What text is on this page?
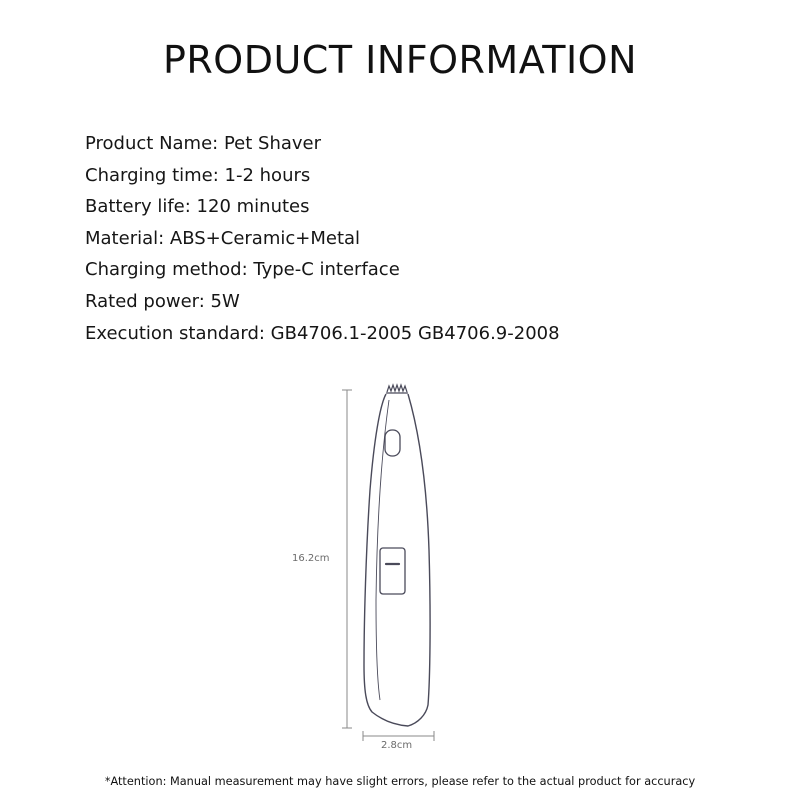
PRODUCT INFORMATION
Product Name: Pet Shaver
Charging time: 1-2 hours
Battery life: 120 minutes
Material: ABS+Ceramic+Metal
Charging method: Type-C interface
Rated power: 5W
Execution standard: GB4706.1-2005 GB4706.9-2008
16.2cm
2.8cm
*Attention: Manual measurement may have slight errors, please refer to the actual product for accuracy
